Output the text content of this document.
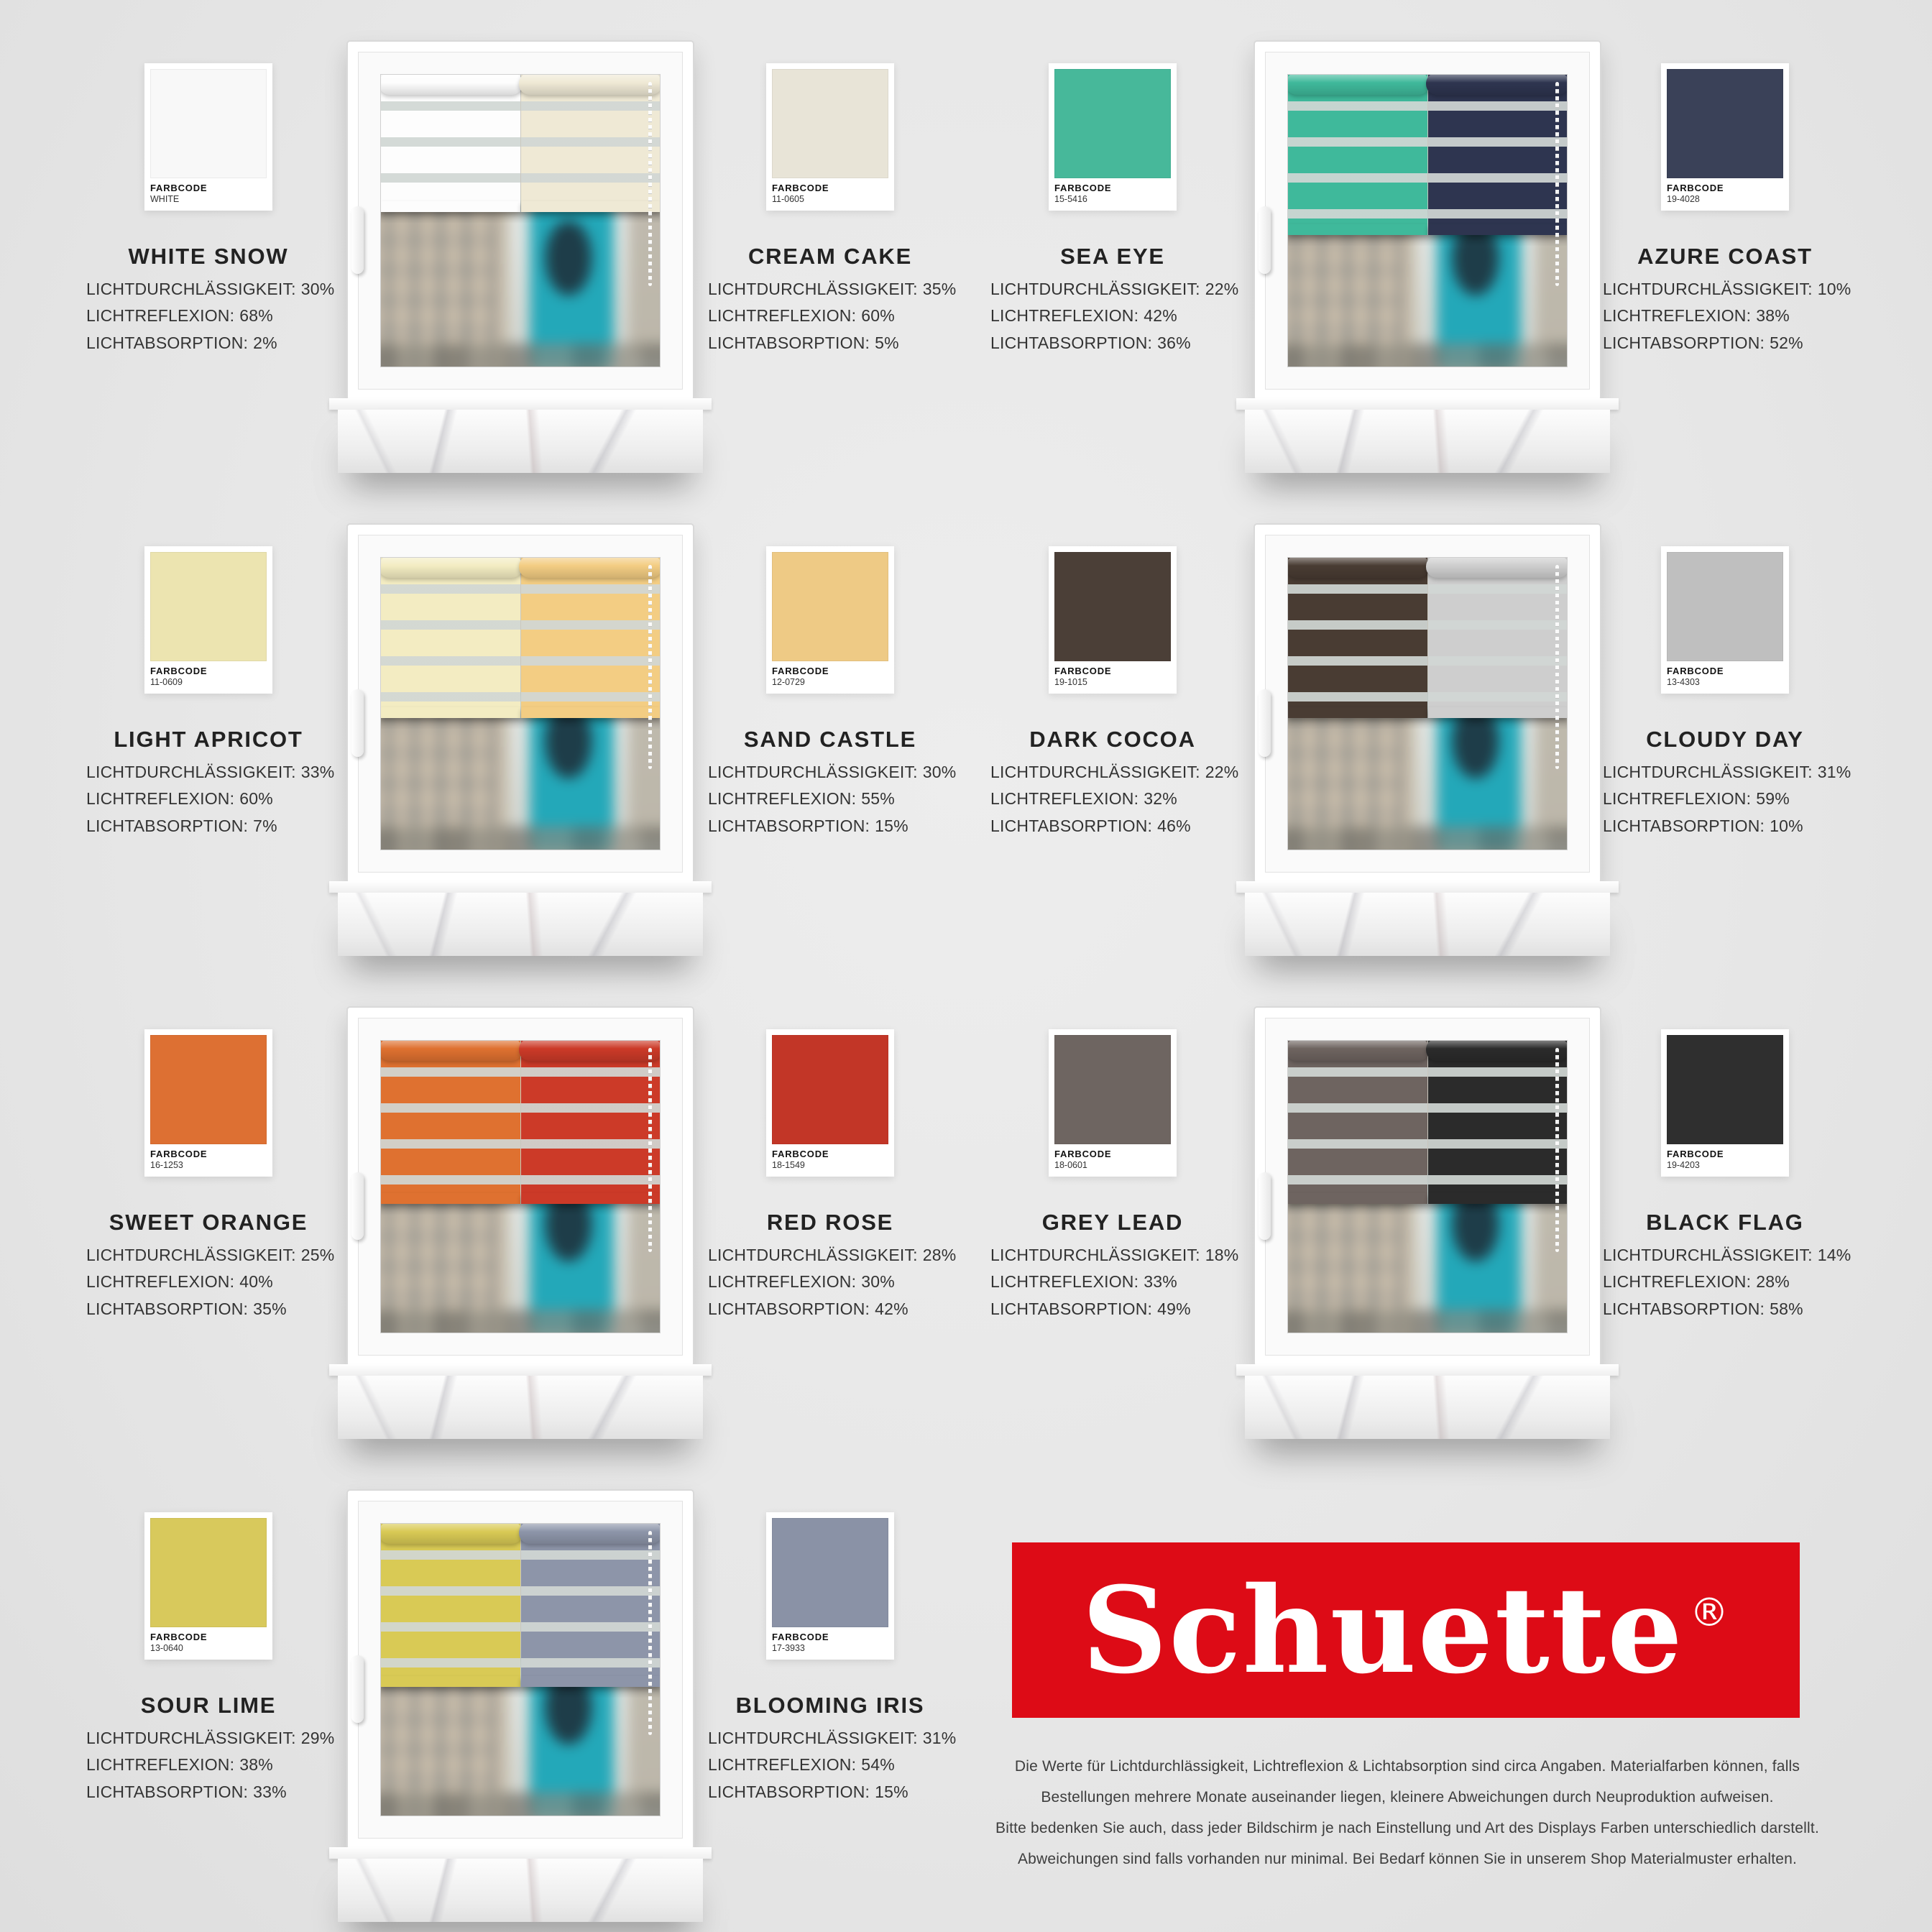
FARBCODE
WHITE
WHITE SNOW
LICHTDURCHLÄSSIGKEIT: 30%
LICHTREFLEXION: 68%
LICHTABSORPTION: 2%
FARBCODE
11-0605
CREAM CAKE
LICHTDURCHLÄSSIGKEIT: 35%
LICHTREFLEXION: 60%
LICHTABSORPTION: 5%
FARBCODE
15-5416
SEA EYE
LICHTDURCHLÄSSIGKEIT: 22%
LICHTREFLEXION: 42%
LICHTABSORPTION: 36%
FARBCODE
19-4028
AZURE COAST
LICHTDURCHLÄSSIGKEIT: 10%
LICHTREFLEXION: 38%
LICHTABSORPTION: 52%
FARBCODE
11-0609
LIGHT APRICOT
LICHTDURCHLÄSSIGKEIT: 33%
LICHTREFLEXION: 60%
LICHTABSORPTION: 7%
FARBCODE
12-0729
SAND CASTLE
LICHTDURCHLÄSSIGKEIT: 30%
LICHTREFLEXION: 55%
LICHTABSORPTION: 15%
FARBCODE
19-1015
DARK COCOA
LICHTDURCHLÄSSIGKEIT: 22%
LICHTREFLEXION: 32%
LICHTABSORPTION: 46%
FARBCODE
13-4303
CLOUDY DAY
LICHTDURCHLÄSSIGKEIT: 31%
LICHTREFLEXION: 59%
LICHTABSORPTION: 10%
FARBCODE
16-1253
SWEET ORANGE
LICHTDURCHLÄSSIGKEIT: 25%
LICHTREFLEXION: 40%
LICHTABSORPTION: 35%
FARBCODE
18-1549
RED ROSE
LICHTDURCHLÄSSIGKEIT: 28%
LICHTREFLEXION: 30%
LICHTABSORPTION: 42%
FARBCODE
18-0601
GREY LEAD
LICHTDURCHLÄSSIGKEIT: 18%
LICHTREFLEXION: 33%
LICHTABSORPTION: 49%
FARBCODE
19-4203
BLACK FLAG
LICHTDURCHLÄSSIGKEIT: 14%
LICHTREFLEXION: 28%
LICHTABSORPTION: 58%
FARBCODE
13-0640
SOUR LIME
LICHTDURCHLÄSSIGKEIT: 29%
LICHTREFLEXION: 38%
LICHTABSORPTION: 33%
FARBCODE
17-3933
BLOOMING IRIS
LICHTDURCHLÄSSIGKEIT: 31%
LICHTREFLEXION: 54%
LICHTABSORPTION: 15%
Schuette ®
Die Werte für Lichtdurchlässigkeit, Lichtreflexion & Lichtabsorption sind circa Angaben. Materialfarben können, falls
Bestellungen mehrere Monate auseinander liegen, kleinere Abweichungen durch Neuproduktion aufweisen.
Bitte bedenken Sie auch, dass jeder Bildschirm je nach Einstellung und Art des Displays Farben unterschiedlich darstellt.
Abweichungen sind falls vorhanden nur minimal. Bei Bedarf können Sie in unserem Shop Materialmuster erhalten.
